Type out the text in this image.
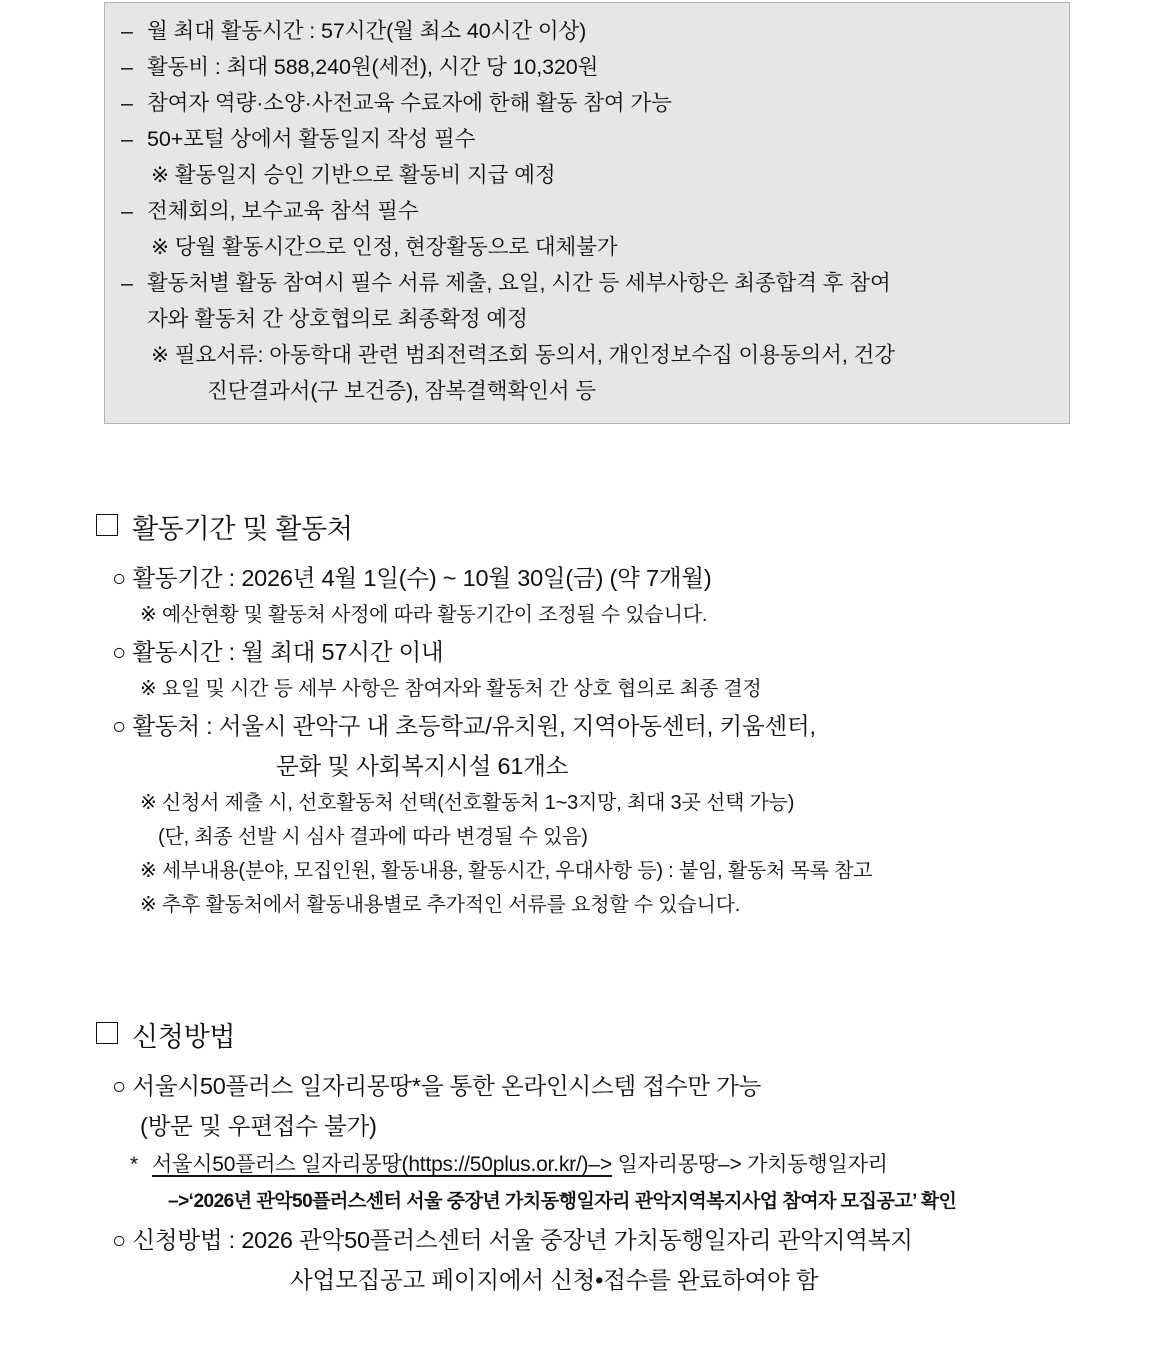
– 월 최대 활동시간 : 57시간(월 최소 40시간 이상)
– 활동비 : 최대 588,240원(세전), 시간 당 10,320원
– 참여자 역량·소양·사전교육 수료자에 한해 활동 참여 가능
– 50+포털 상에서 활동일지 작성 필수
※ 활동일지 승인 기반으로 활동비 지급 예정
– 전체회의, 보수교육 참석 필수
※ 당월 활동시간으로 인정, 현장활동으로 대체불가
– 활동처별 활동 참여시 필수 서류 제출, 요일, 시간 등 세부사항은 최종합격 후 참여
자와 활동처 간 상호협의로 최종확정 예정
※ 필요서류: 아동학대 관련 범죄전력조회 동의서, 개인정보수집 이용동의서, 건강
진단결과서(구 보건증), 잠복결핵확인서 등
활동기간 및 활동처
○ 활동기간 : 2026년 4월 1일(수) ~ 10월 30일(금) (약 7개월)
※ 예산현황 및 활동처 사정에 따라 활동기간이 조정될 수 있습니다.
○ 활동시간 : 월 최대 57시간 이내
※ 요일 및 시간 등 세부 사항은 참여자와 활동처 간 상호 협의로 최종 결정
○ 활동처 : 서울시 관악구 내 초등학교/유치원, 지역아동센터, 키움센터,
문화 및 사회복지시설 61개소
※ 신청서 제출 시, 선호활동처 선택(선호활동처 1~3지망, 최대 3곳 선택 가능)
(단, 최종 선발 시 심사 결과에 따라 변경될 수 있음)
※ 세부내용(분야, 모집인원, 활동내용, 활동시간, 우대사항 등) : 붙임, 활동처 목록 참고
※ 추후 활동처에서 활동내용별로 추가적인 서류를 요청할 수 있습니다.
신청방법
○ 서울시50플러스 일자리몽땅*을 통한 온라인시스템 접수만 가능
(방문 및 우편접수 불가)
* 서울시50플러스 일자리몽땅(https://50plus.or.kr/)–> 일자리몽땅–> 가치동행일자리
–>‘2026년 관악50플러스센터 서울 중장년 가치동행일자리 관악지역복지사업 참여자 모집공고’ 확인
○ 신청방법 : 2026 관악50플러스센터 서울 중장년 가치동행일자리 관악지역복지
사업모집공고 페이지에서 신청•접수를 완료하여야 함
